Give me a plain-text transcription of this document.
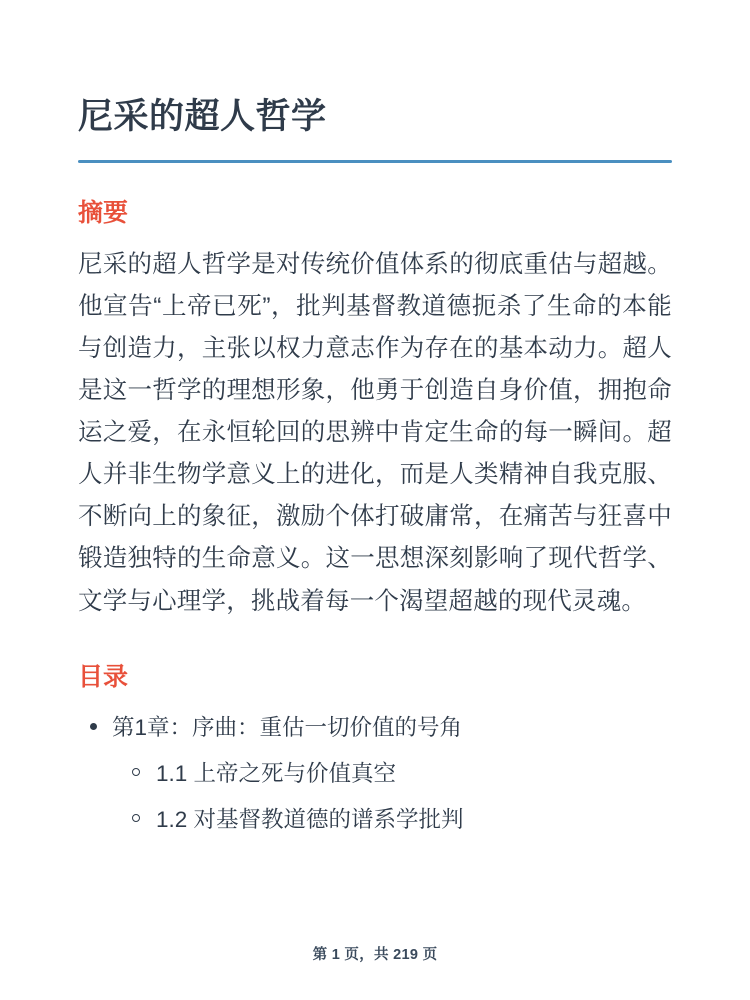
尼采的超人哲学
摘要

尼采的超人哲学是对传统价值体系的彻底重估与超越。他宣告“上帝已死”，批判基督教道德扼杀了生命的本能与创造力，主张以权力意志作为存在的基本动力。超人是这一哲学的理想形象，他勇于创造自身价值，拥抱命运之爱，在永恒轮回的思辨中肯定生命的每一瞬间。超人并非生物学意义上的进化，而是人类精神自我克服、不断向上的象征，激励个体打破庸常，在痛苦与狂喜中锻造独特的生命意义。这一思想深刻影响了现代哲学、文学与心理学，挑战着每一个渴望超越的现代灵魂。

目录
第1章：序曲：重估一切价值的号角
1.1 上帝之死与价值真空
1.2 对基督教道德的谱系学批判
第 1 页，共 219 页
